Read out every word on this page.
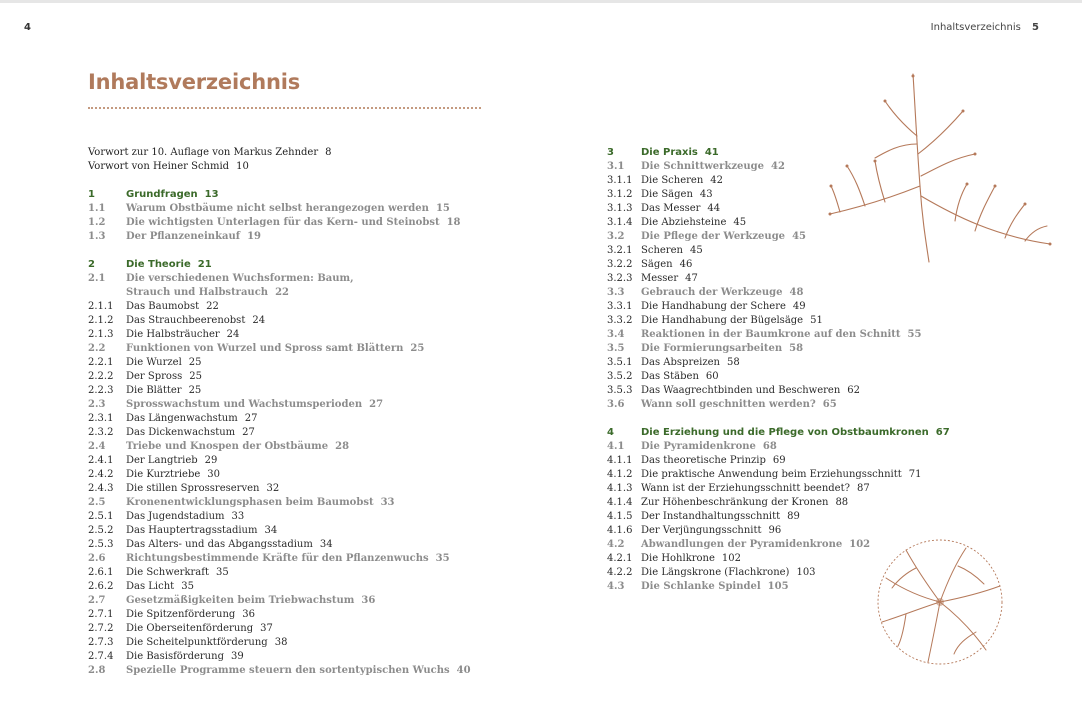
4	Inhaltsverzeichnis 5
Inhaltsverzeichnis
Vorwort zur 10. Auflage von Markus Zehnder 8
Vorwort von Heiner Schmid 10
1	Grundfragen 13
1.1 Warum Obstbäume nicht selbst herangezogen werden 15
1.2 Die wichtigsten Unterlagen für das Kern- und Steinobst 18
1.3 Der Pflanzeneinkauf 19
2	Die Theorie 21
2.1 Die verschiedenen Wuchsformen: Baum,
Strauch und Halbstrauch 22
2.1.1 Das Baumobst 22
2.1.2 Das Strauchbeerenobst 24
2.1.3 Die Halbsträucher 24
2.2 Funktionen von Wurzel und Spross samt Blättern 25
2.2.1 Die Wurzel 25
2.2.2 Der Spross 25
2.2.3 Die Blätter 25
2.3 Sprosswachstum und Wachstumsperioden 27
2.3.1 Das Längenwachstum 27
2.3.2 Das Dickenwachstum 27
2.4 Triebe und Knospen der Obstbäume 28
2.4.1 Der Langtrieb 29
2.4.2 Die Kurztriebe 30
2.4.3 Die stillen Sprossreserven 32
2.5 Kronenentwicklungsphasen beim Baumobst 33
2.5.1 Das Jugendstadium 33
2.5.2 Das Hauptertragsstadium 34
2.5.3 Das Alters- und das Abgangsstadium 34
2.6 Richtungsbestimmende Kräfte für den Pflanzenwuchs 35
2.6.1 Die Schwerkraft 35
2.6.2 Das Licht 35
2.7 Gesetzmäßigkeiten beim Triebwachstum 36
2.7.1 Die Spitzenförderung 36
2.7.2 Die Oberseitenförderung 37
2.7.3 Die Scheitelpunktförderung 38
2.7.4 Die Basisförderung 39
2.8 Spezielle Programme steuern den sortentypischen Wuchs 40
3	Die Praxis 41
3.1 Die Schnittwerkzeuge 42
3.1.1 Die Scheren 42
3.1.2 Die Sägen 43
3.1.3 Das Messer 44
3.1.4 Die Abziehsteine 45
3.2 Die Pflege der Werkzeuge 45
3.2.1 Scheren 45
3.2.2 Sägen 46
3.2.3 Messer 47
3.3 Gebrauch der Werkzeuge 48
3.3.1 Die Handhabung der Schere 49
3.3.2 Die Handhabung der Bügelsäge 51
3.4 Reaktionen in der Baumkrone auf den Schnitt 55
3.5 Die Formierungsarbeiten 58
3.5.1 Das Abspreizen 58
3.5.2 Das Stäben 60
3.5.3 Das Waagrechtbinden und Beschweren 62
3.6 Wann soll geschnitten werden? 65
4	Die Erziehung und die Pflege von Obstbaumkronen 67
4.1 Die Pyramidenkrone 68
4.1.1 Das theoretische Prinzip 69
4.1.2 Die praktische Anwendung beim Erziehungsschnitt 71
4.1.3 Wann ist der Erziehungsschnitt beendet? 87
4.1.4 Zur Höhenbeschränkung der Kronen 88
4.1.5 Der Instandhaltungsschnitt 89
4.1.6 Der Verjüngungsschnitt 96
4.2 Abwandlungen der Pyramidenkrone 102
4.2.1 Die Hohlkrone 102
4.2.2 Die Längskrone (Flachkrone) 103
4.3 Die Schlanke Spindel 105
